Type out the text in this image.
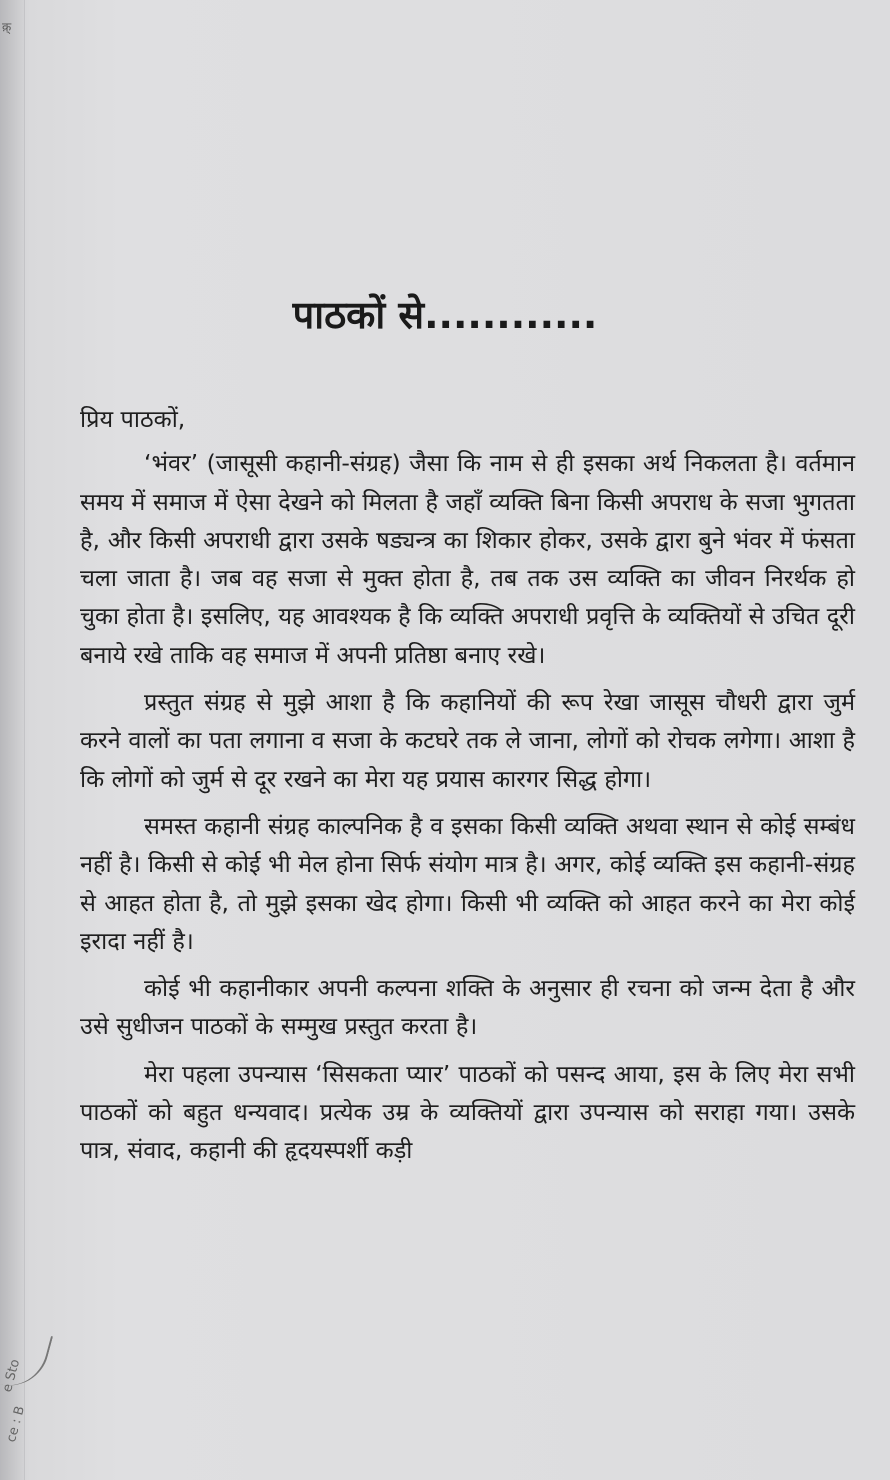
क़्
e Sto
ce : B
पाठकों से............

प्रिय पाठकों,

‘भंवर’ (जासूसी कहानी-संग्रह) जैसा कि नाम से ही इसका अर्थ निकलता है। वर्तमान समय में समाज में ऐसा देखने को मिलता है जहाँ व्यक्ति बिना किसी अपराध के सजा भुगतता है, और किसी अपराधी द्वारा उसके षड्यन्त्र का शिकार होकर, उसके द्वारा बुने भंवर में फंसता चला जाता है। जब वह सजा से मुक्त होता है, तब तक उस व्यक्ति का जीवन निरर्थक हो चुका होता है। इसलिए, यह आवश्यक है कि व्यक्ति अपराधी प्रवृत्ति के व्यक्तियों से उचित दूरी बनाये रखे ताकि वह समाज में अपनी प्रतिष्ठा बनाए रखे।

प्रस्तुत संग्रह से मुझे आशा है कि कहानियों की रूप रेखा जासूस चौधरी द्वारा जुर्म करने वालों का पता लगाना व सजा के कटघरे तक ले जाना, लोगों को रोचक लगेगा। आशा है कि लोगों को जुर्म से दूर रखने का मेरा यह प्रयास कारगर सिद्ध होगा।

समस्त कहानी संग्रह काल्पनिक है व इसका किसी व्यक्ति अथवा स्थान से कोई सम्बंध नहीं है। किसी से कोई भी मेल होना सिर्फ संयोग मात्र है। अगर, कोई व्यक्ति इस कहानी-संग्रह से आहत होता है, तो मुझे इसका खेद होगा। किसी भी व्यक्ति को आहत करने का मेरा कोई इरादा नहीं है।

कोई भी कहानीकार अपनी कल्पना शक्ति के अनुसार ही रचना को जन्म देता है और उसे सुधीजन पाठकों के सम्मुख प्रस्तुत करता है।

मेरा पहला उपन्यास ‘सिसकता प्यार’ पाठकों को पसन्द आया, इस के लिए मेरा सभी पाठकों को बहुत धन्यवाद। प्रत्येक उम्र के व्यक्तियों द्वारा उपन्यास को सराहा गया। उसके पात्र, संवाद, कहानी की हृदयस्पर्शी कड़ी
